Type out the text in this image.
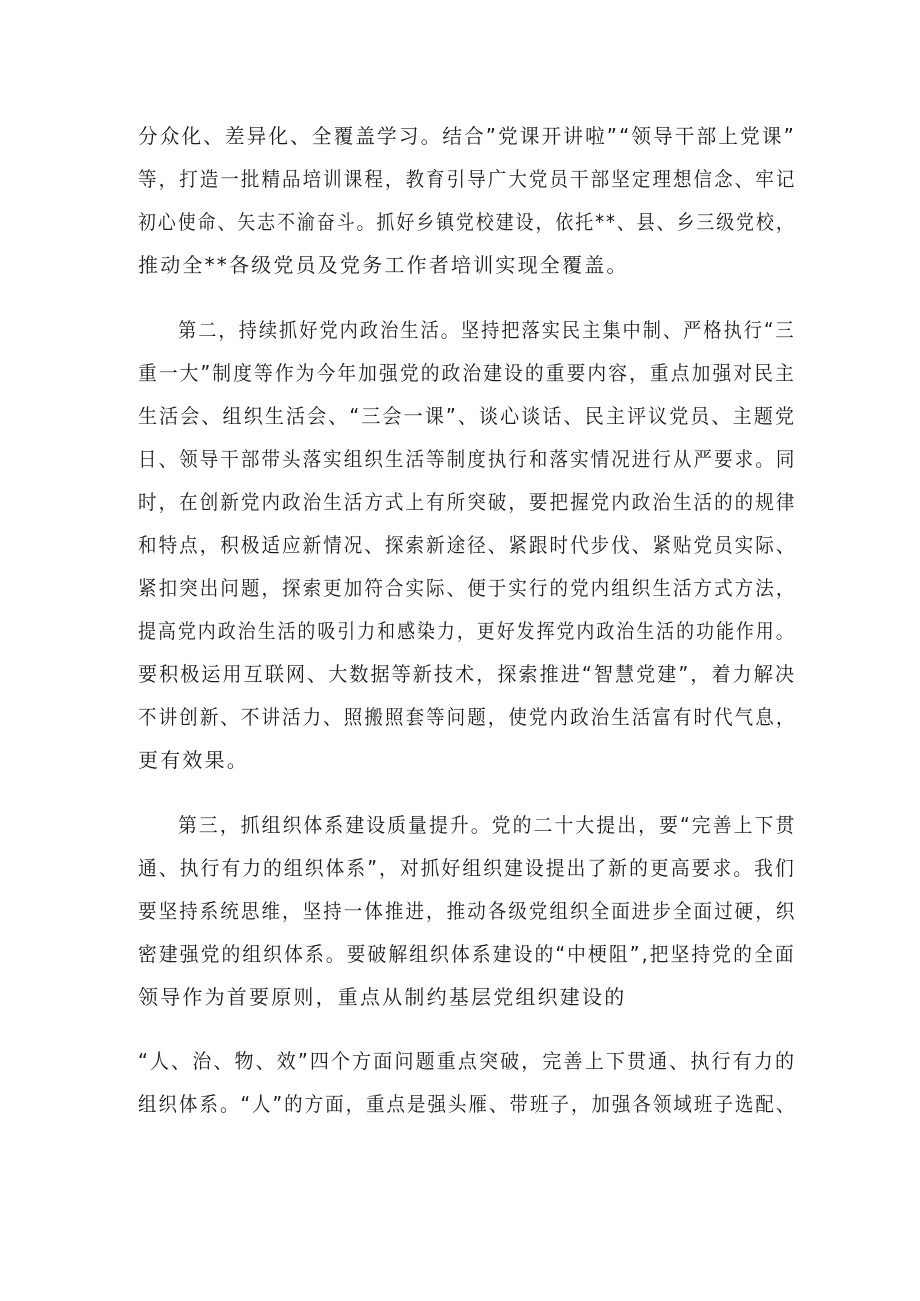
分众化、差异化、全覆盖学习。结合”党课开讲啦”“领导干部上党课”
等，打造一批精品培训课程，教育引导广大党员干部坚定理想信念、牢记
初心使命、矢志不渝奋斗。抓好乡镇党校建设，依托**、县、乡三级党校，
推动全**各级党员及党务工作者培训实现全覆盖。
第二，持续抓好党内政治生活。坚持把落实民主集中制、严格执行“三
重一大”制度等作为今年加强党的政治建设的重要内容，重点加强对民主
生活会、组织生活会、“三会一课”、谈心谈话、民主评议党员、主题党
日、领导干部带头落实组织生活等制度执行和落实情况进行从严要求。同
时，在创新党内政治生活方式上有所突破，要把握党内政治生活的的规律
和特点，积极适应新情况、探索新途径、紧跟时代步伐、紧贴党员实际、
紧扣突出问题，探索更加符合实际、便于实行的党内组织生活方式方法，
提高党内政治生活的吸引力和感染力，更好发挥党内政治生活的功能作用。
要积极运用互联网、大数据等新技术，探索推进“智慧党建”，着力解决
不讲创新、不讲活力、照搬照套等问题，使党内政治生活富有时代气息，
更有效果。
第三，抓组织体系建设质量提升。党的二十大提出，要“完善上下贯
通、执行有力的组织体系”，对抓好组织建设提出了新的更高要求。我们
要坚持系统思维，坚持一体推进，推动各级党组织全面进步全面过硬，织
密建强党的组织体系。要破解组织体系建设的“中梗阻”,把坚持党的全面
领导作为首要原则，重点从制约基层党组织建设的
“人、治、物、效”四个方面问题重点突破，完善上下贯通、执行有力的
组织体系。“人”的方面，重点是强头雁、带班子，加强各领域班子选配、
